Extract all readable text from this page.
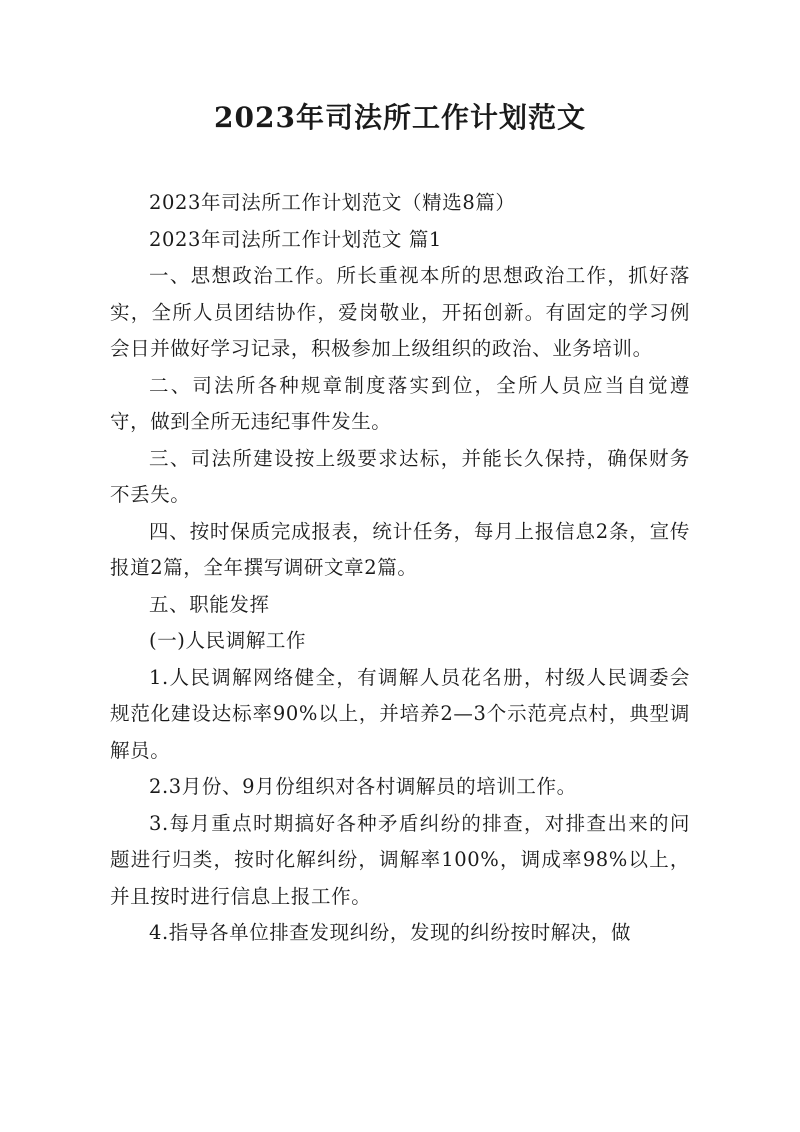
2023年司法所工作计划范文

2023年司法所工作计划范文（精选8篇）

2023年司法所工作计划范文 篇1

一、思想政治工作。所长重视本所的思想政治工作，抓好落实，全所人员团结协作，爱岗敬业，开拓创新。有固定的学习例会日并做好学习记录，积极参加上级组织的政治、业务培训。

二、司法所各种规章制度落实到位，全所人员应当自觉遵守，做到全所无违纪事件发生。

三、司法所建设按上级要求达标，并能长久保持，确保财务不丢失。

四、按时保质完成报表，统计任务，每月上报信息2条，宣传报道2篇，全年撰写调研文章2篇。

五、职能发挥

(一)人民调解工作

1.人民调解网络健全，有调解人员花名册，村级人民调委会规范化建设达标率90%以上，并培养2—3个示范亮点村，典型调解员。

2.3月份、9月份组织对各村调解员的培训工作。

3.每月重点时期搞好各种矛盾纠纷的排查，对排查出来的问题进行归类，按时化解纠纷，调解率100%，调成率98%以上，并且按时进行信息上报工作。

4.指导各单位排查发现纠纷，发现的纠纷按时解决，做
